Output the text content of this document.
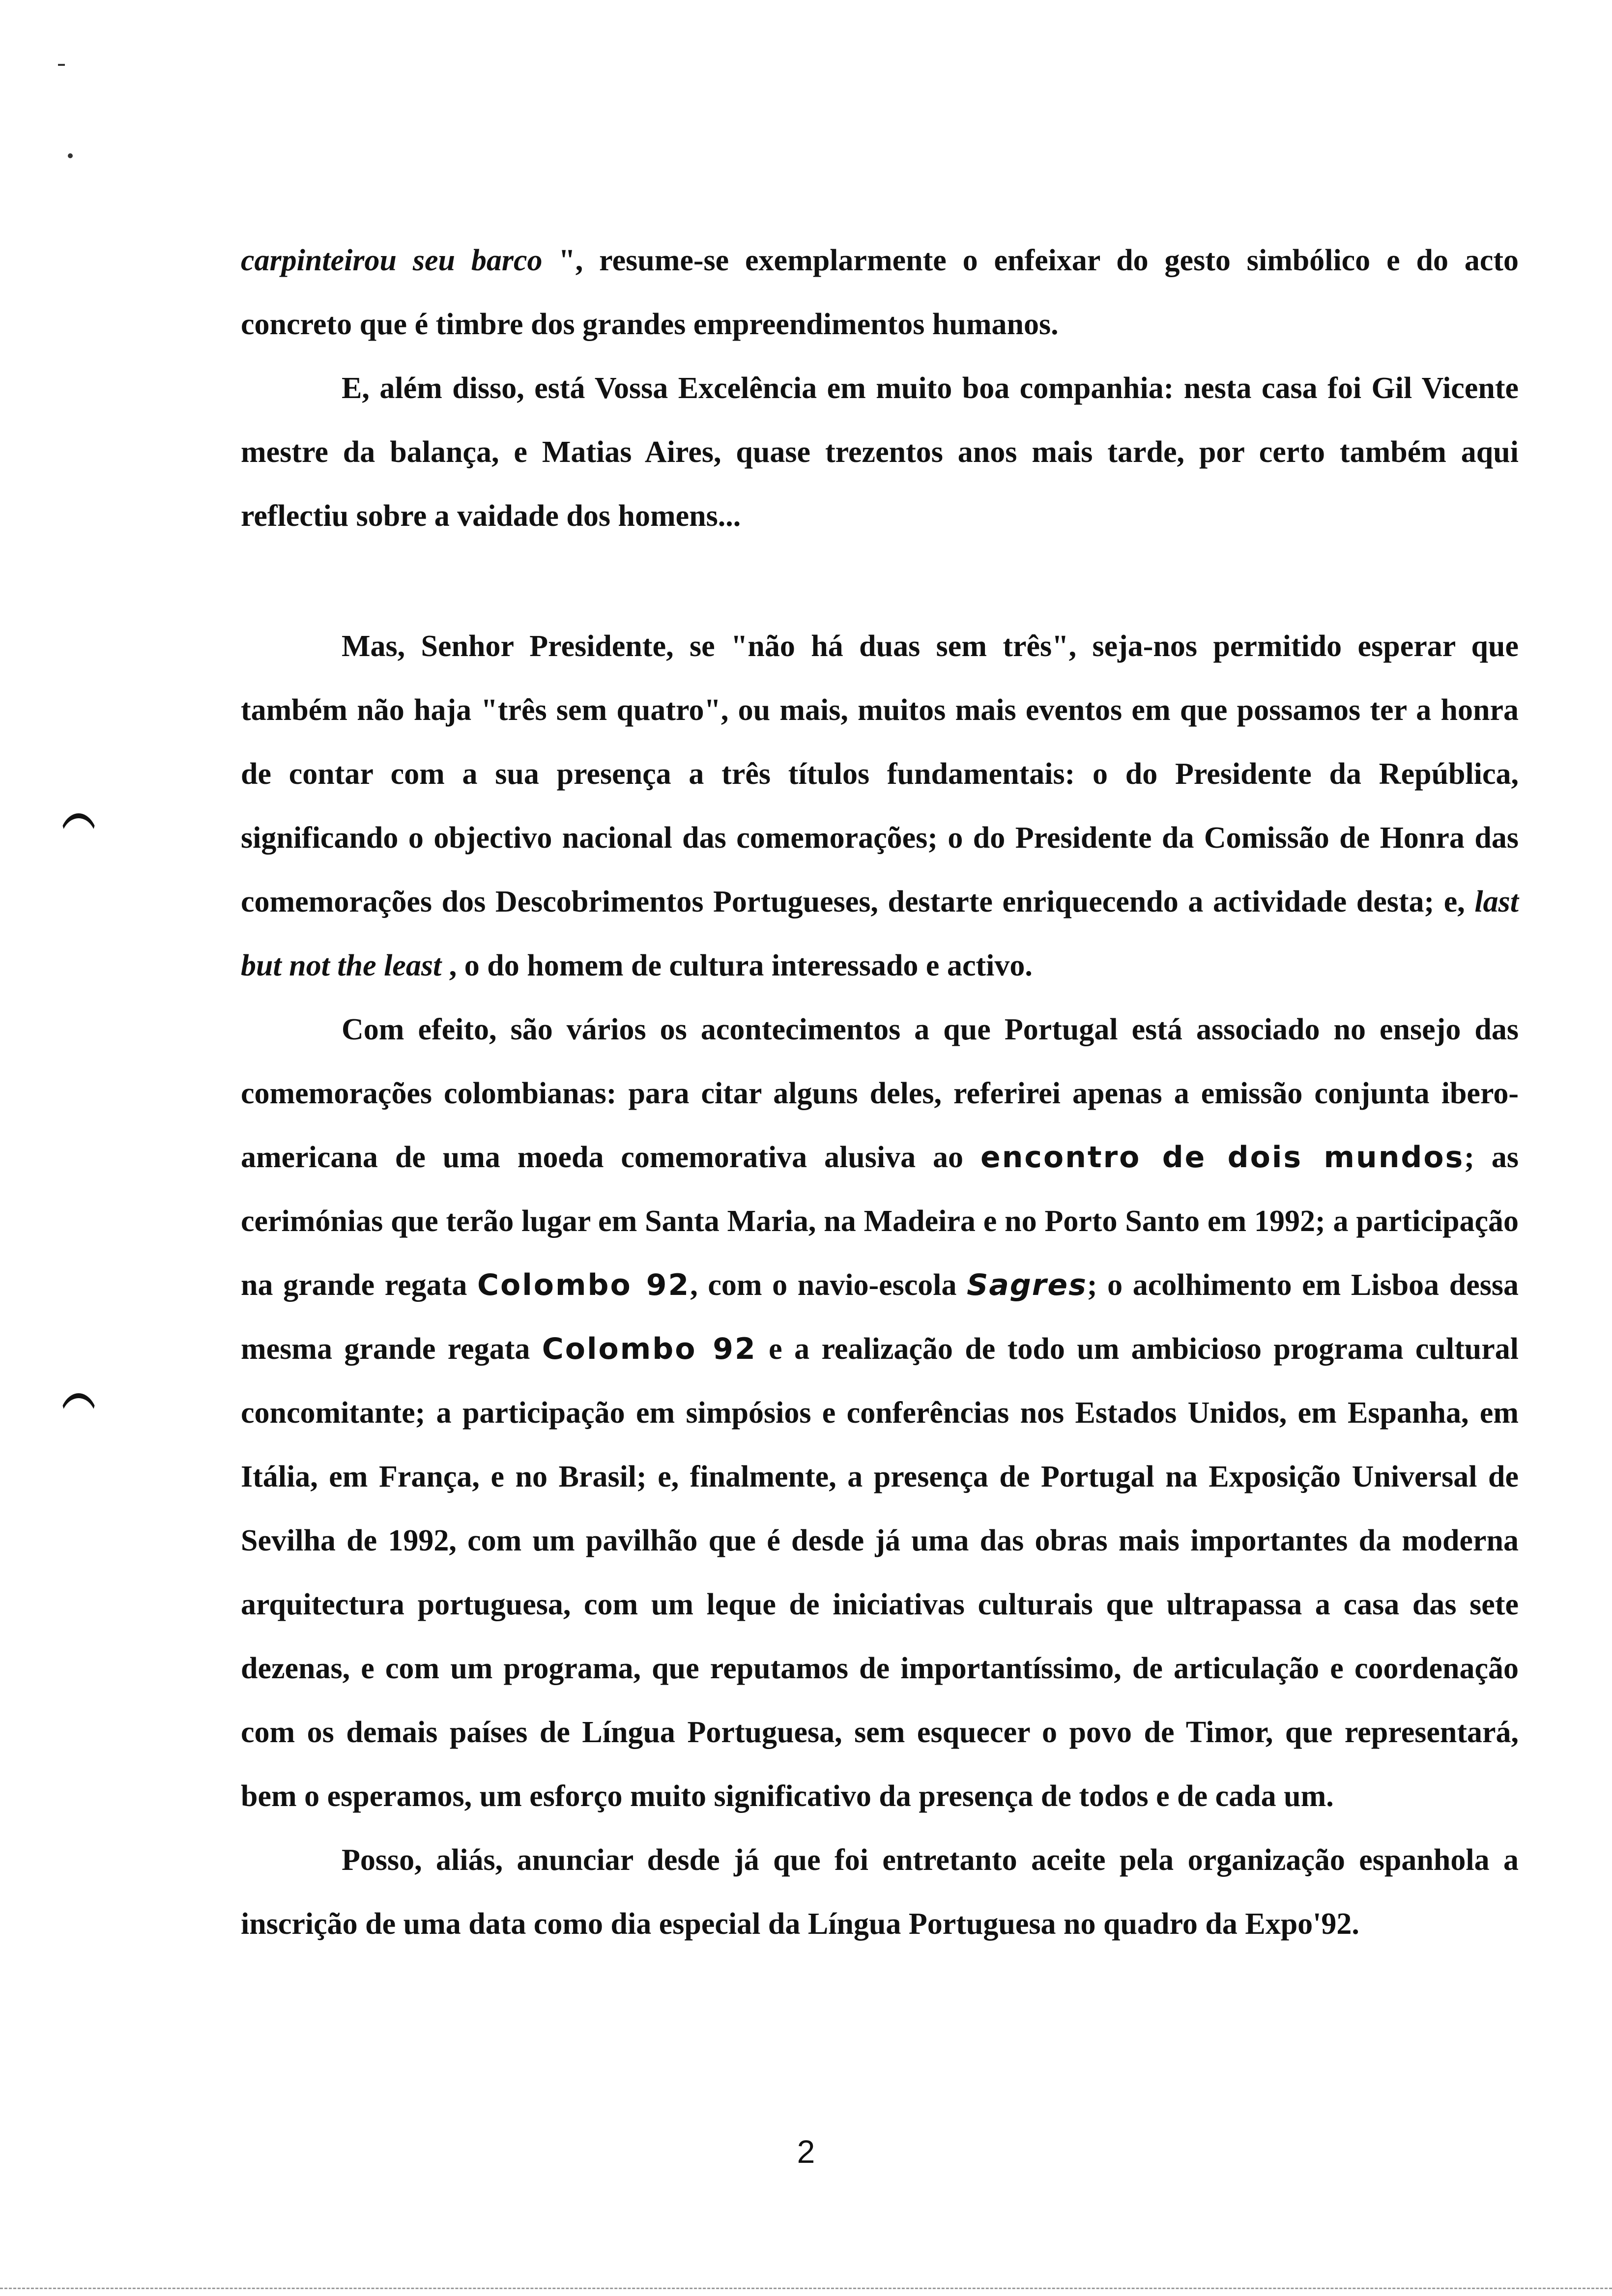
carpinteirou seu barco ", resume-se exemplarmente o enfeixar do gesto simbólico e do acto concreto que é timbre dos grandes empreendimentos humanos.

E, além disso, está Vossa Excelência em muito boa companhia: nesta casa foi Gil Vicente mestre da balança, e Matias Aires, quase trezentos anos mais tarde, por certo também aqui reflectiu sobre a vaidade dos homens...

Mas, Senhor Presidente, se "não há duas sem três", seja-nos permitido esperar que também não haja "três sem quatro", ou mais, muitos mais eventos em que possamos ter a honra de contar com a sua presença a três títulos fundamentais: o do Presidente da República, significando o objectivo nacional das comemorações; o do Presidente da Comissão de Honra das comemorações dos Descobrimentos Portugueses, destarte enriquecendo a actividade desta; e, last but not the least , o do homem de cultura interessado e activo.

Com efeito, são vários os acontecimentos a que Portugal está associado no ensejo das comemorações colombianas: para citar alguns deles, referirei apenas a emissão conjunta ibero-americana de uma moeda comemorativa alusiva ao encontro de dois mundos; as cerimónias que terão lugar em Santa Maria, na Madeira e no Porto Santo em 1992; a participação na grande regata Colombo 92, com o navio-escola Sagres; o acolhimento em Lisboa dessa mesma grande regata Colombo 92 e a realização de todo um ambicioso programa cultural concomitante; a participação em simpósios e conferências nos Estados Unidos, em Espanha, em Itália, em França, e no Brasil; e, finalmente, a presença de Portugal na Exposição Universal de Sevilha de 1992, com um pavilhão que é desde já uma das obras mais importantes da moderna arquitectura portuguesa, com um leque de iniciativas culturais que ultrapassa a casa das sete dezenas, e com um programa, que reputamos de importantíssimo, de articulação e coordenação com os demais países de Língua Portuguesa, sem esquecer o povo de Timor, que representará, bem o esperamos, um esforço muito significativo da presença de todos e de cada um.

Posso, aliás, anunciar desde já que foi entretanto aceite pela organização espanhola a inscrição de uma data como dia especial da Língua Portuguesa no quadro da Expo'92.

2
